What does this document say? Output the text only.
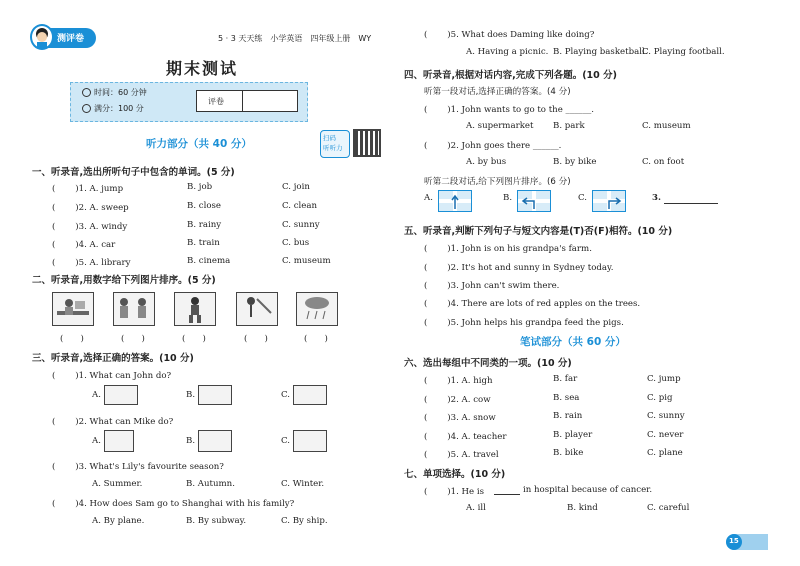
测评卷	5 · 3 天天练　小学英语　四年级上册　WY
期末测试
时间：60 分钟
满分：100 分
评卷
听力部分（共 40 分）	扫码
听听力
一、听录音,选出所听句子中包含的单词。(5 分)
( 　　)1. A. jump	B. job	C. join
( 　　)2. A. sweep	B. close	C. clean
( 　　)3. A. windy	B. rainy	C. sunny
( 　　)4. A. car	B. train	C. bus
( 　　)5. A. library	B. cinema	C. museum
二、听录音,用数字给下列图片排序。(5 分)
(　　)	(　　)	(　　)	(　　)	(　　)
三、听录音,选择正确的答案。(10 分)
( 　　)1. What can John do?
A.	B.	C.
( 　　)2. What can Mike do?
A.	B.	C.
( 　　)3. What's Lily's favourite season?
A. Summer.	B. Autumn.	C. Winter.
( 　　)4. How does Sam go to Shanghai with his family?
A. By plane.	B. By subway.	C. By ship.
( 　　)5. What does Daming like doing?
A. Having a picnic. B. Playing basketball.
C. Playing football.
四、听录音,根据对话内容,完成下列各题。(10 分)
听第一段对话,选择正确的答案。(4 分)
( 　　)1. John wants to go to the ______.
A. supermarket B. park	C. museum
( 　　)2. John goes there ______.
A. by bus	B. by bike	C. on foot
听第二段对话,给下列图片排序。(6 分)
A.	B.	C.	3.
五、听录音,判断下列句子与短文内容是(T)否(F)相符。(10 分)
( 　　)1. John is on his grandpa's farm.
( 　　)2. It's hot and sunny in Sydney today.
( 　　)3. John can't swim there.
( 　　)4. There are lots of red apples on the trees.
( 　　)5. John helps his grandpa feed the pigs.
笔试部分（共 60 分）
六、选出每组中不同类的一项。(10 分)
( 　　)1. A. high	B. far	C. jump
( 　　)2. A. cow	B. sea	C. pig
( 　　)3. A. snow	B. rain	C. sunny
( 　　)4. A. teacher	B. player	C. never
( 　　)5. A. travel	B. bike	C. plane
七、单项选择。(10 分)
( 　　)1. He is	in hospital because of cancer.
A. ill	B. kind	C. careful
15
